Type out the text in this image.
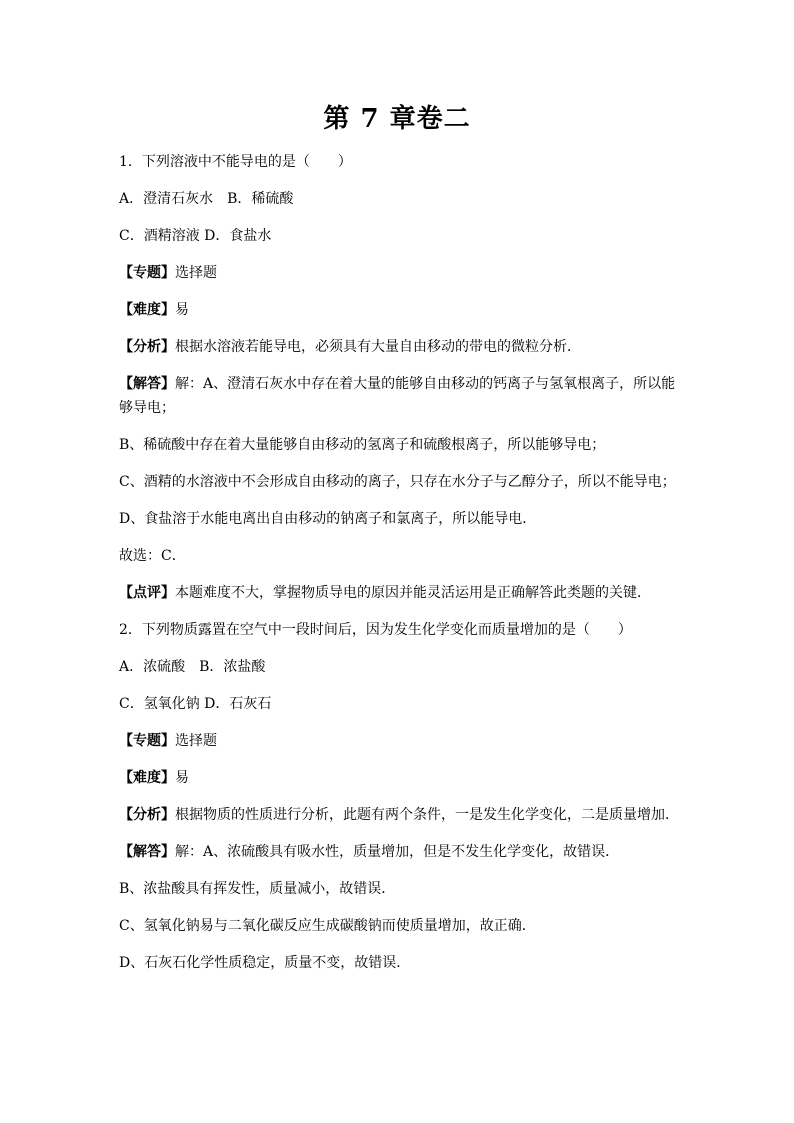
第 7 章卷二
1．下列溶液中不能导电的是（　　）
A．澄清石灰水　B．稀硫酸
C．酒精溶液 D．食盐水
【专题】选择题
【难度】易
【分析】根据水溶液若能导电，必须具有大量自由移动的带电的微粒分析．
【解答】解：A、澄清石灰水中存在着大量的能够自由移动的钙离子与氢氧根离子，所以能够导电；
B、稀硫酸中存在着大量能够自由移动的氢离子和硫酸根离子，所以能够导电；
C、酒精的水溶液中不会形成自由移动的离子，只存在水分子与乙醇分子，所以不能导电；
D、食盐溶于水能电离出自由移动的钠离子和氯离子，所以能导电．
故选：C．
【点评】本题难度不大，掌握物质导电的原因并能灵活运用是正确解答此类题的关键．
2．下列物质露置在空气中一段时间后，因为发生化学变化而质量增加的是（　　）
A．浓硫酸　B．浓盐酸
C．氢氧化钠 D．石灰石
【专题】选择题
【难度】易
【分析】根据物质的性质进行分析，此题有两个条件，一是发生化学变化，二是质量增加．
【解答】解：A、浓硫酸具有吸水性，质量增加，但是不发生化学变化，故错误．
B、浓盐酸具有挥发性，质量减小，故错误．
C、氢氧化钠易与二氧化碳反应生成碳酸钠而使质量增加，故正确．
D、石灰石化学性质稳定，质量不变，故错误．
